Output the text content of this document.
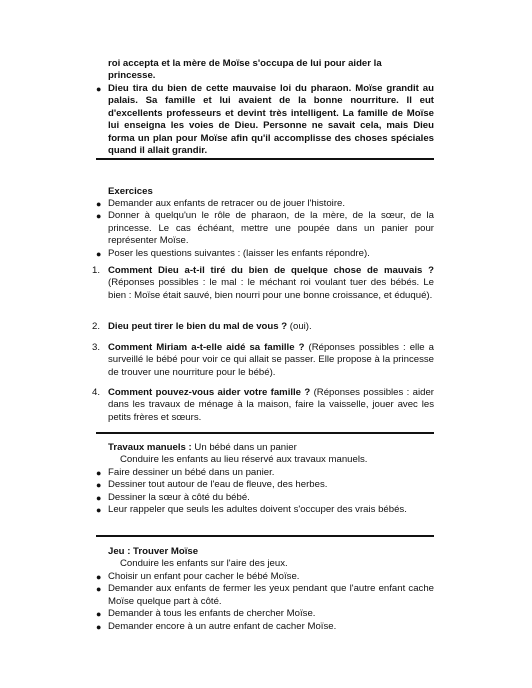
roi accepta et la mère de Moïse s'occupa de lui pour aider la
princesse.
● Dieu tira du bien de cette mauvaise loi du pharaon. Moïse grandit au palais. Sa famille et lui avaient de la bonne nourriture. Il eut d'excellents professeurs et devint très intelligent. La famille de Moïse lui enseigna les voies de Dieu. Personne ne savait cela, mais Dieu forma un plan pour Moïse afin qu'il accomplisse des choses spéciales quand il allait grandir.
Exercices
● Demander aux enfants de retracer ou de jouer l'histoire.
● Donner à quelqu'un le rôle de pharaon, de la mère, de la sœur, de la princesse. Le cas échéant, mettre une poupée dans un panier pour représenter Moïse.
● Poser les questions suivantes : (laisser les enfants répondre).
1. Comment Dieu a-t-il tiré du bien de quelque chose de mauvais ? (Réponses possibles : le mal : le méchant roi voulant tuer des bébés. Le bien : Moïse était sauvé, bien nourri pour une bonne croissance, et éduqué).
2. Dieu peut tirer le bien du mal de vous ? (oui).
3. Comment Miriam a-t-elle aidé sa famille ? (Réponses possibles : elle a surveillé le bébé pour voir ce qui allait se passer. Elle propose à la princesse de trouver une nourriture pour le bébé).
4. Comment pouvez-vous aider votre famille ? (Réponses possibles : aider dans les travaux de ménage à la maison, faire la vaisselle, jouer avec les petits frères et sœurs.
Travaux manuels : Un bébé dans un panier
Conduire les enfants au lieu réservé aux travaux manuels.
● Faire dessiner un bébé dans un panier.
● Dessiner tout autour de l'eau de fleuve, des herbes.
● Dessiner la sœur à côté du bébé.
● Leur rappeler que seuls les adultes doivent s'occuper des vrais bébés.
Jeu : Trouver Moïse
Conduire les enfants sur l'aire des jeux.
● Choisir un enfant pour cacher le bébé Moïse.
● Demander aux enfants de fermer les yeux pendant que l'autre enfant cache Moïse quelque part à côté.
● Demander à tous les enfants de chercher Moïse.
● Demander encore à un autre enfant de cacher Moïse.
